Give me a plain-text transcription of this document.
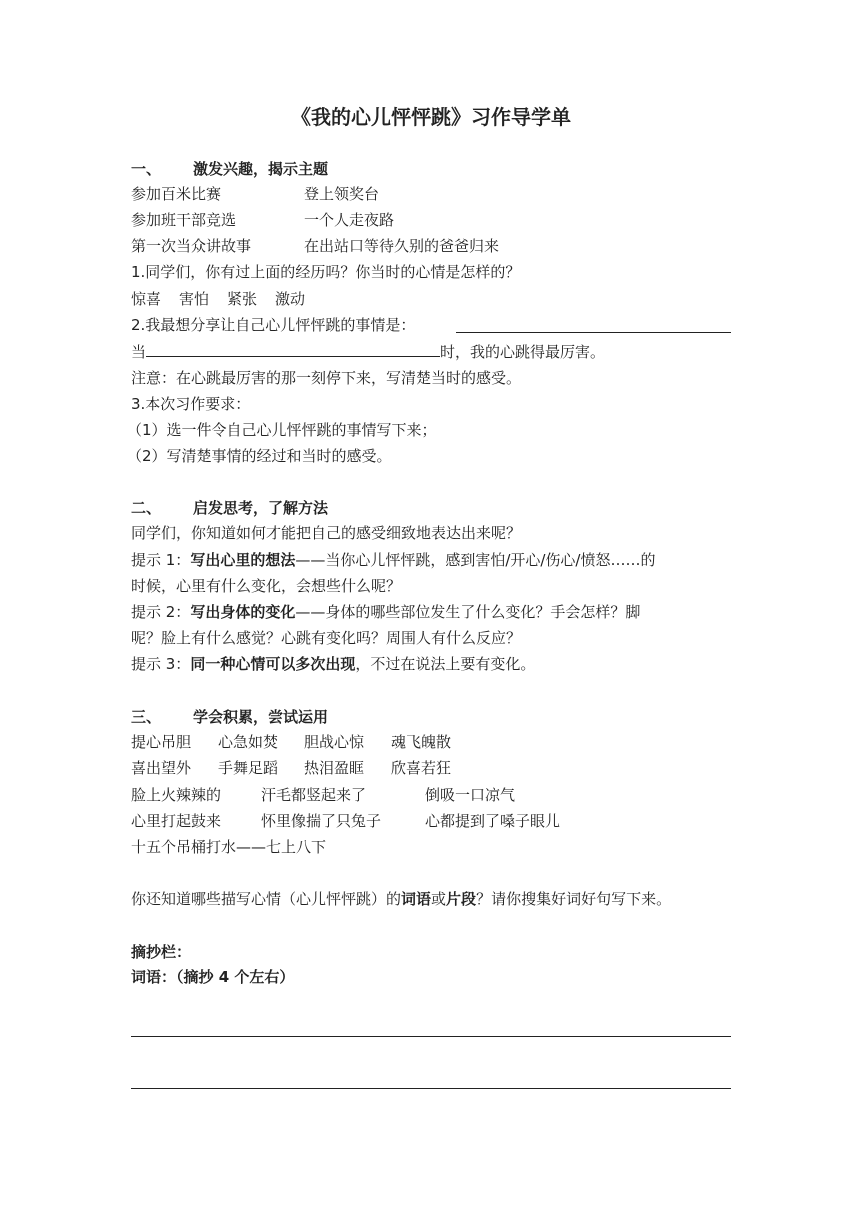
《我的心儿怦怦跳》习作导学单
一、 激发兴趣，揭示主题
参加百米比赛	登上领奖台
参加班干部竞选	一个人走夜路
第一次当众讲故事	在出站口等待久别的爸爸归来
1.同学们，你有过上面的经历吗？你当时的心情是怎样的？
惊喜 害怕 紧张 激动
2.我最想分享让自己心儿怦怦跳的事情是：
当	时，我的心跳得最厉害。
注意：在心跳最厉害的那一刻停下来，写清楚当时的感受。
3.本次习作要求：
（1）选一件令自己心儿怦怦跳的事情写下来；
（2）写清楚事情的经过和当时的感受。
二、 启发思考，了解方法
同学们，你知道如何才能把自己的感受细致地表达出来呢？
提示 1：写出心里的想法——当你心儿怦怦跳，感到害怕/开心/伤心/愤怒……的
时候，心里有什么变化，会想些什么呢？
提示 2：写出身体的变化——身体的哪些部位发生了什么变化？手会怎样？脚
呢？脸上有什么感觉？心跳有变化吗？周围人有什么反应？
提示 3：同一种心情可以多次出现，不过在说法上要有变化。
三、 学会积累，尝试运用
提心吊胆 心急如焚 胆战心惊 魂飞魄散
喜出望外 手舞足蹈 热泪盈眶 欣喜若狂
脸上火辣辣的	汗毛都竖起来了	倒吸一口凉气
心里打起鼓来	怀里像揣了只兔子	心都提到了嗓子眼儿
十五个吊桶打水——七上八下
你还知道哪些描写心情（心儿怦怦跳）的词语或片段？请你搜集好词好句写下来。
摘抄栏：
词语：（摘抄 4 个左右）
